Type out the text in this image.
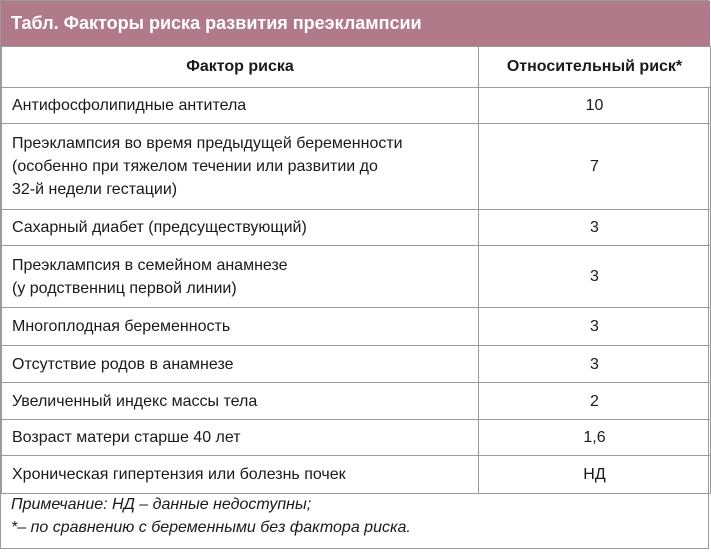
Табл. Факторы риска развития преэклампсии
Фактор риска	Относительный риск*

Антифосфолипидные антитела	10

Преэклампсия во время предыдущей беременности
(особенно при тяжелом течении или развитии до
32-й недели гестации)	7

Сахарный диабет (предсуществующий)	3

Преэклампсия в семейном анамнезе
(у родственниц первой линии)	3

Многоплодная беременность	3

Отсутствие родов в анамнезе	3

Увеличенный индекс массы тела	2

Возраст матери старше 40 лет	1,6

Хроническая гипертензия или болезнь почек	НД
Примечание: НД – данные недоступны;
*– по сравнению с беременными без фактора риска.
